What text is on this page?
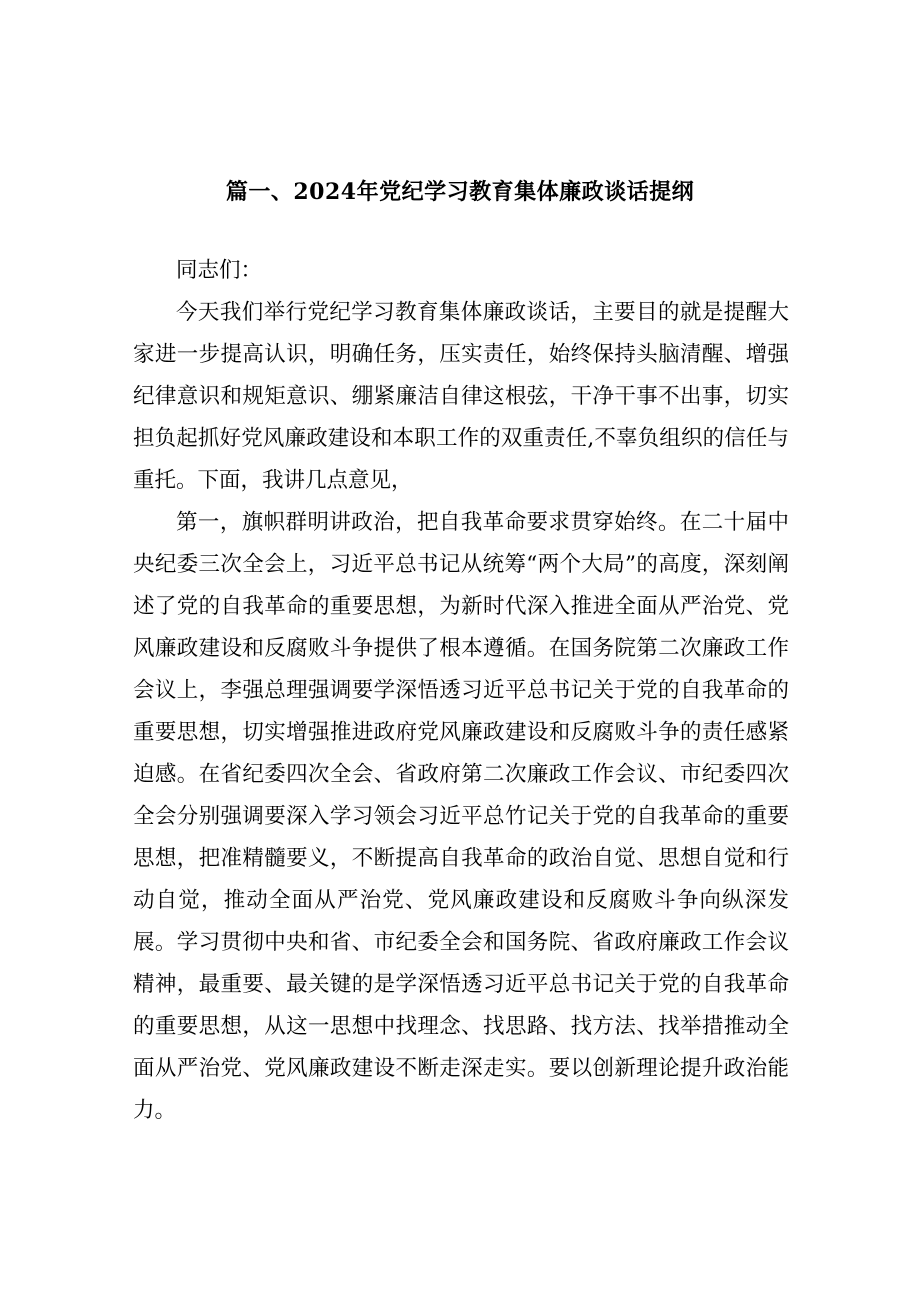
篇一、2024年党纪学习教育集体廉政谈话提纲

同志们：

今天我们举行党纪学习教育集体廉政谈话，主要目的就是提醒大家进一步提高认识，明确任务，压实责任，始终保持头脑清醒、增强纪律意识和规矩意识、绷紧廉洁自律这根弦，干净干事不出事，切实担负起抓好党风廉政建设和本职工作的双重责任,不辜负组织的信任与重托。下面，我讲几点意见，

第一，旗帜群明讲政治，把自我革命要求贯穿始终。在二十届中央纪委三次全会上，习近平总书记从统筹“两个大局”的高度，深刻阐述了党的自我革命的重要思想，为新时代深入推进全面从严治党、党风廉政建设和反腐败斗争提供了根本遵循。在国务院第二次廉政工作会议上，李强总理强调要学深悟透习近平总书记关于党的自我革命的重要思想，切实增强推进政府党风廉政建设和反腐败斗争的责任感紧迫感。在省纪委四次全会、省政府第二次廉政工作会议、市纪委四次全会分别强调要深入学习领会习近平总竹记关于党的自我革命的重要思想，把准精髓要义，不断提高自我革命的政治自觉、思想自觉和行动自觉，推动全面从严治党、党风廉政建设和反腐败斗争向纵深发展。学习贯彻中央和省、市纪委全会和国务院、省政府廉政工作会议精神，最重要、最关键的是学深悟透习近平总书记关于党的自我革命的重要思想，从这一思想中找理念、找思路、找方法、找举措推动全面从严治党、党风廉政建设不断走深走实。要以创新理论提升政治能力。
